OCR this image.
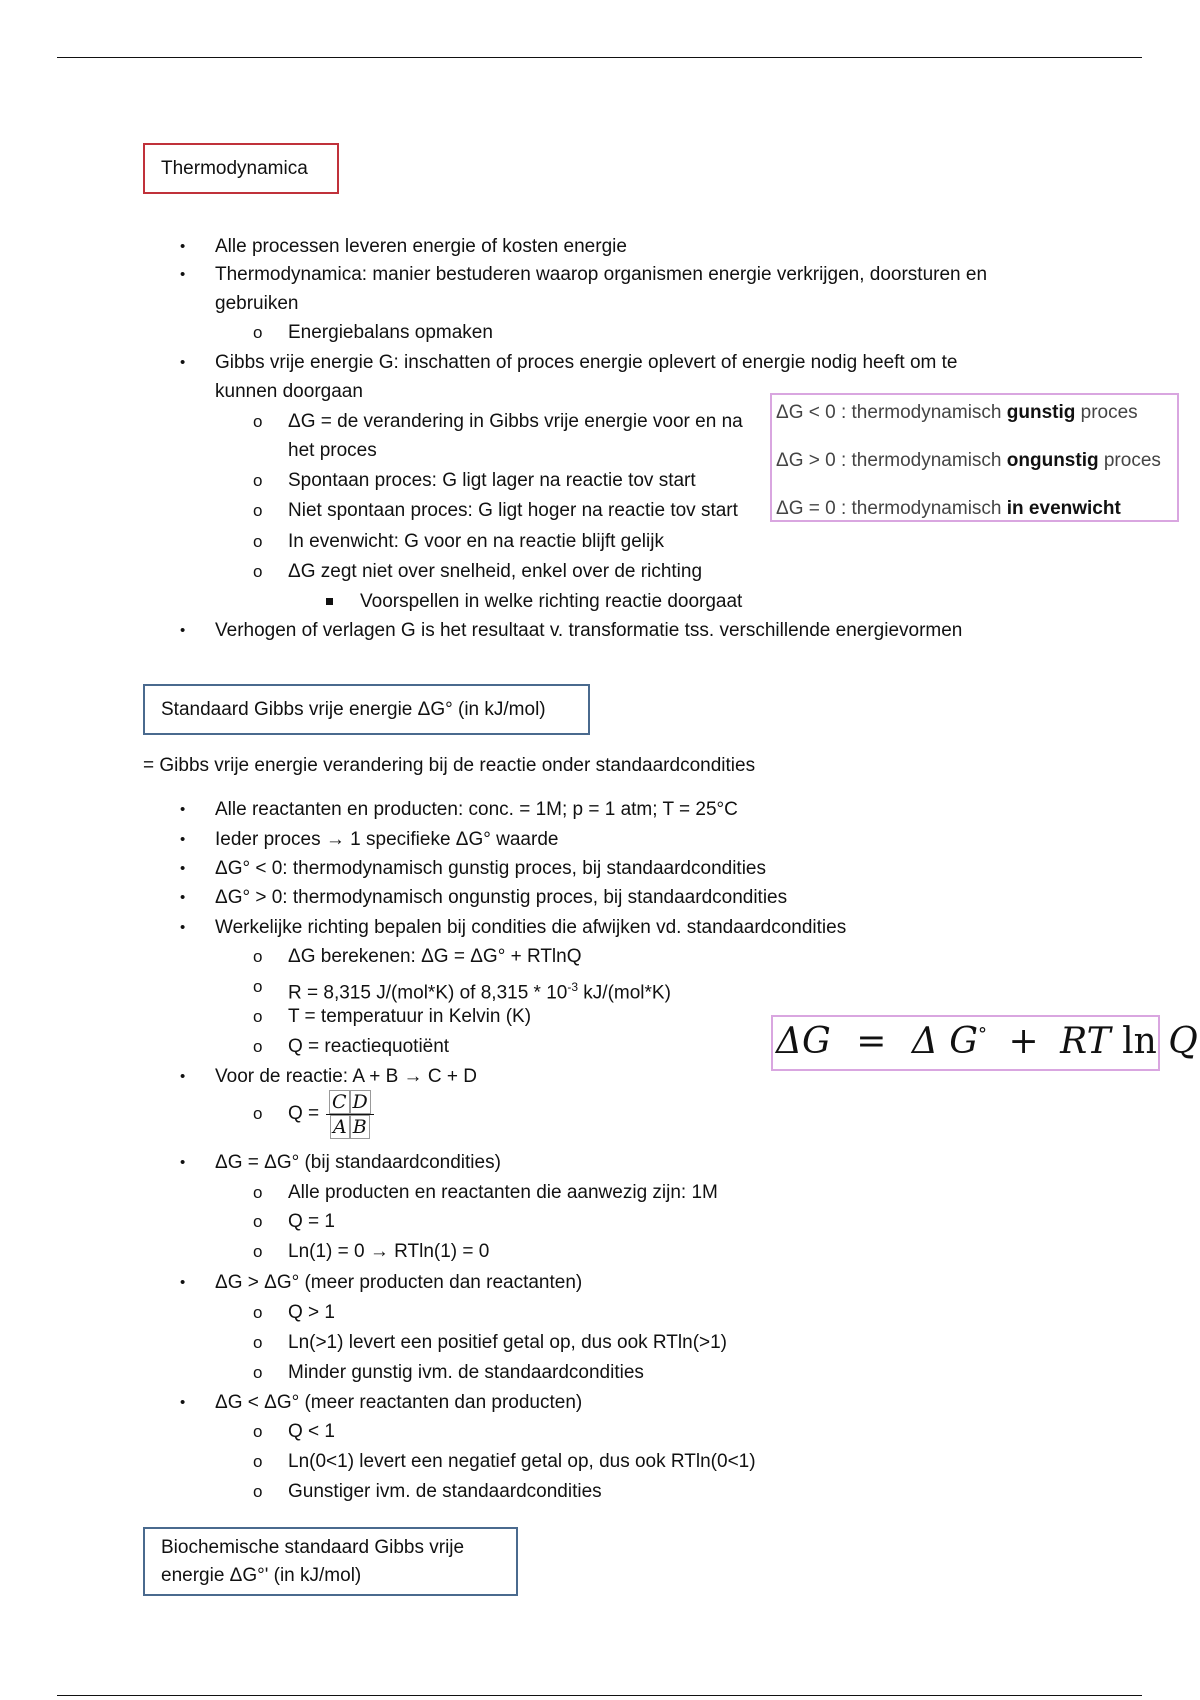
Thermodynamica
• Alle processen leveren energie of kosten energie
• Thermodynamica: manier bestuderen waarop organismen energie verkrijgen, doorsturen en
gebruiken
o Energiebalans opmaken
• Gibbs vrije energie G: inschatten of proces energie oplevert of energie nodig heeft om te
kunnen doorgaan
o ΔG = de verandering in Gibbs vrije energie voor en na
het proces
o Spontaan proces: G ligt lager na reactie tov start
o Niet spontaan proces: G ligt hoger na reactie tov start
o In evenwicht: G voor en na reactie blijft gelijk
o ΔG zegt niet over snelheid, enkel over de richting
Voorspellen in welke richting reactie doorgaat
• Verhogen of verlagen G is het resultaat v. transformatie tss. verschillende energievormen
ΔG < 0 : thermodynamisch gunstig proces
ΔG > 0 : thermodynamisch ongunstig proces
ΔG = 0 : thermodynamisch in evenwicht
Standaard Gibbs vrije energie ΔG° (in kJ/mol)
= Gibbs vrije energie verandering bij de reactie onder standaardcondities
• Alle reactanten en producten: conc. = 1M; p = 1 atm; T = 25°C
• Ieder proces → 1 specifieke ΔG° waarde
• ΔG° < 0: thermodynamisch gunstig proces, bij standaardcondities
• ΔG° > 0: thermodynamisch ongunstig proces, bij standaardcondities
• Werkelijke richting bepalen bij condities die afwijken vd. standaardcondities
o ΔG berekenen: ΔG = ΔG° + RTlnQ
o R = 8,315 J/(mol*K) of $8,315 * 10^{-3}$ kJ/(mol*K)
o T = temperatuur in Kelvin (K)
o Q = reactiequotiënt
• Voor de reactie: A + B → C + D
o Q =
C D
A B
• ΔG = ΔG° (bij standaardcondities)
o Alle producten en reactanten die aanwezig zijn: 1M
o Q = 1
o Ln(1) = 0 → RTln(1) = 0
• ΔG > ΔG° (meer producten dan reactanten)
o Q > 1
o Ln(>1) levert een positief getal op, dus ook RTln(>1)
o Minder gunstig ivm. de standaardcondities
• ΔG < ΔG° (meer reactanten dan producten)
o Q < 1
o Ln(0<1) levert een negatief getal op, dus ook RTln(0<1)
o Gunstiger ivm. de standaardcondities
ΔG = Δ G° + RT ln Q
Biochemische standaard Gibbs vrije
energie ΔG°' (in kJ/mol)
